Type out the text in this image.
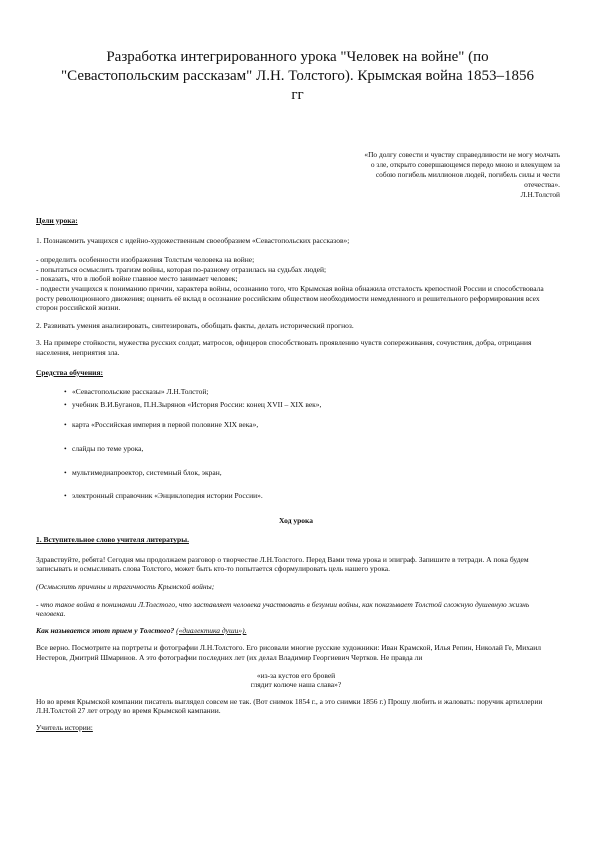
Разработка интегрированного урока "Человек на войне" (по "Севастопольским рассказам" Л.Н. Толстого). Крымская война 1853–1856 гг
«По долгу совести и чувству справедливости не могу молчать
о зле, открыто совершающемся передо мною и влекущем за
собою погибель миллионов людей, погибель силы и чести
отечества».
Л.Н.Толстой

Цели урока:

1. Познакомить учащихся с идейно-художественным своеобразием «Севастопольских рассказов»;

- определить особенности изображения Толстым человека на войне;

- попытаться осмыслить трагизм войны, которая по-разному отразилась на судьбах людей;

- показать, что в любой войне главное место занимает человек;

- подвести учащихся к пониманию причин, характера войны, осознанию того, что Крымская война обнажила отсталость крепостной России и способствовала росту революционного движения; оценить её вклад в осознание российским обществом необходимости немедленного и решительного реформирования всех сторон российской жизни.

2. Развивать умения анализировать, синтезировать, обобщать факты, делать исторический прогноз.

3. На примере стойкости, мужества русских солдат, матросов, офицеров способствовать проявлению чувств сопереживания, сочувствия, добра, отрицания населения, неприятия зла.

Средства обучения:

• «Севастопольские рассказы» Л.Н.Толстой;
• учебник В.И.Буганов, П.Н.Зырянов «История России: конец XVII – XIX век»,
• карта «Российская империя в первой половине XIX века»,
• слайды по теме урока,
• мультимедиапроектор, системный блок, экран,
• электронный справочник «Энциклопедия истории России».

Ход урока

1. Вступительное слово учителя литературы.

Здравствуйте, ребята! Сегодня мы продолжаем разговор о творчестве Л.Н.Толстого. Перед Вами тема урока и эпиграф. Запишите в тетради. А пока будем записывать и осмысливать слова Толстого, может быть кто-то попытается сформулировать цель нашего урока.

(Осмыслить причины и трагичность Крымской войны;

- что такое война в понимании Л.Толстого, что заставляет человека участвовать в безумии войны, как показывает Толстой сложную душевную жизнь человека.

Как называется этот прием у Толстого? («диалектика души»).

Все верно. Посмотрите на портреты и фотографии Л.Н.Толстого. Его рисовали многие русские художники: Иван Крамской, Илья Репин, Николай Ге, Михаил Нестеров, Дмитрий Шмаринов. А это фотографии последних лет (их делал Владимир Георгиевич Чертков. Не правда ли

«из-за кустов его бровей

глядит колюче наша слава»?

Но во время Крымской компании писатель выглядел совсем не так. (Вот снимок 1854 г., а это снимки 1856 г.) Прошу любить и жаловать: поручик артиллерии Л.Н.Толстой 27 лет отроду во время Крымской кампании.

Учитель истории:
